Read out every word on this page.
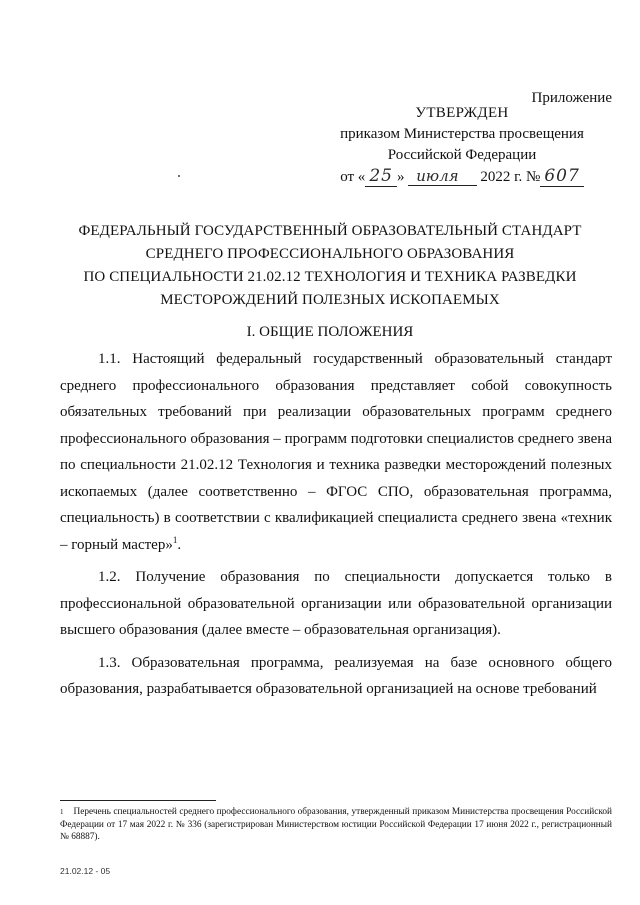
Приложение
УТВЕРЖДЕН
приказом Министерства просвещения
Российской Федерации
от « 25 » июля 2022 г. № 607
ФЕДЕРАЛЬНЫЙ ГОСУДАРСТВЕННЫЙ ОБРАЗОВАТЕЛЬНЫЙ СТАНДАРТ
СРЕДНЕГО ПРОФЕССИОНАЛЬНОГО ОБРАЗОВАНИЯ
ПО СПЕЦИАЛЬНОСТИ 21.02.12 ТЕХНОЛОГИЯ И ТЕХНИКА РАЗВЕДКИ
МЕСТОРОЖДЕНИЙ ПОЛЕЗНЫХ ИСКОПАЕМЫХ
I. ОБЩИЕ ПОЛОЖЕНИЯ

1.1. Настоящий федеральный государственный образовательный стандарт среднего профессионального образования представляет собой совокупность обязательных требований при реализации образовательных программ среднего профессионального образования – программ подготовки специалистов среднего звена по специальности 21.02.12 Технология и техника разведки месторождений полезных ископаемых (далее соответственно – ФГОС СПО, образовательная программа, специальность) в соответствии с квалификацией специалиста среднего звена «техник – горный мастер»$^1$.

1.2. Получение образования по специальности допускается только в профессиональной образовательной организации или образовательной организации высшего образования (далее вместе – образовательная организация).

1.3. Образовательная программа, реализуемая на базе основного общего образования, разрабатывается образовательной организацией на основе требований

$^1$ Перечень специальностей среднего профессионального образования, утвержденный приказом Министерства просвещения Российской Федерации от 17 мая 2022 г. № 336 (зарегистрирован Министерством юстиции Российской Федерации 17 июня 2022 г., регистрационный № 68887).
21.02.12 - 05
